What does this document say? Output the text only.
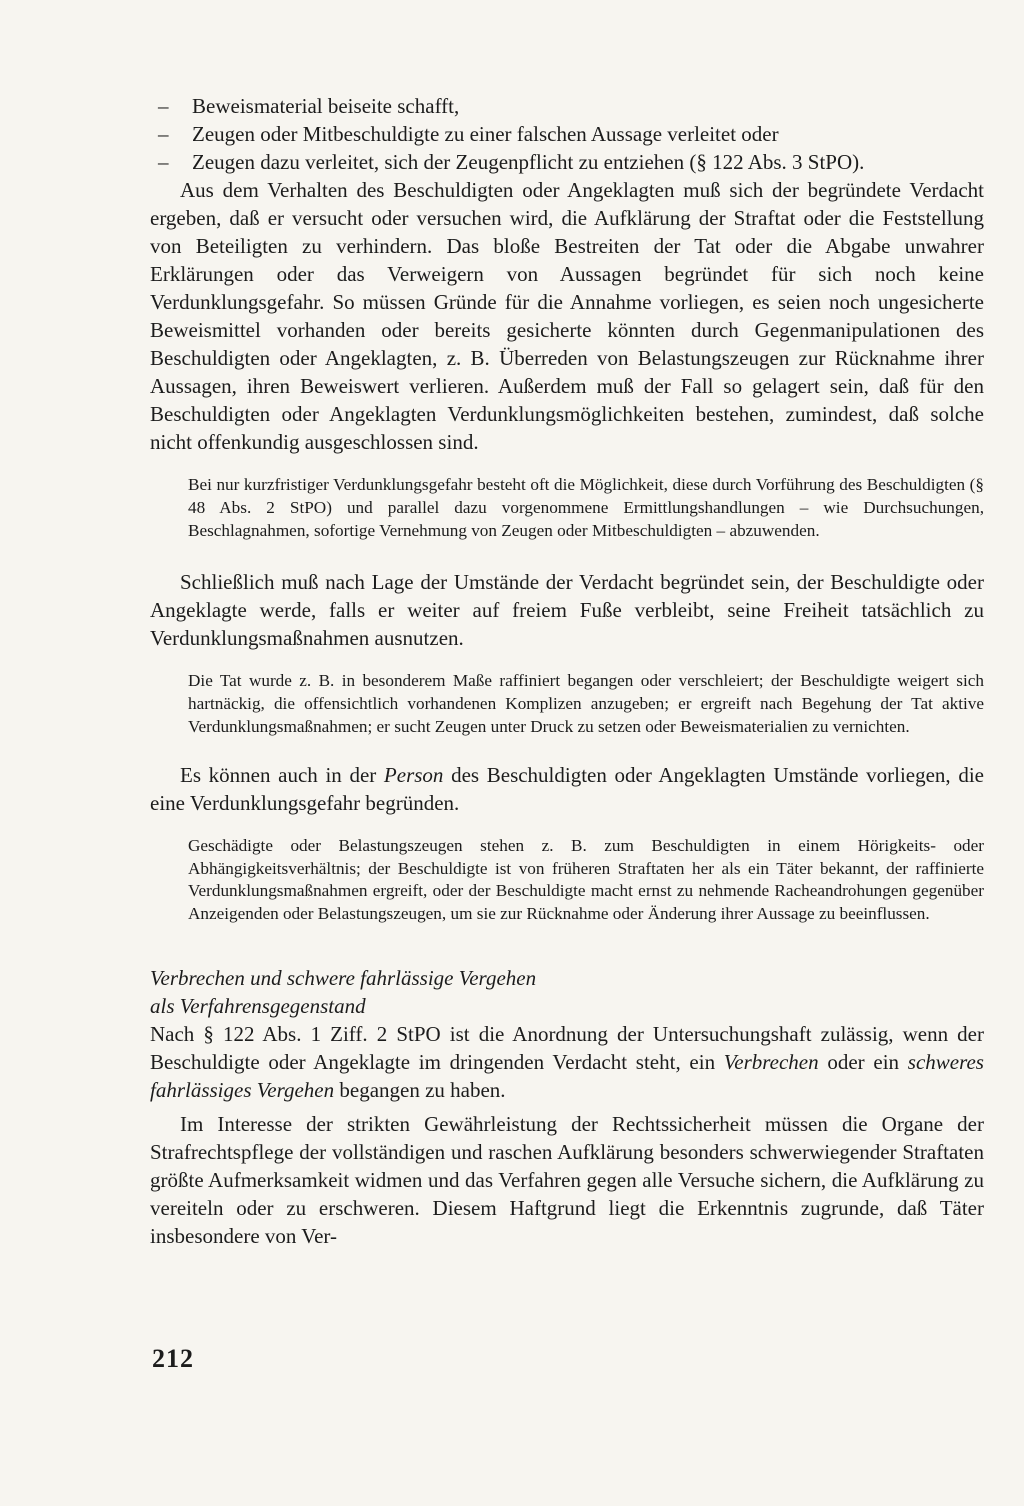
– Beweismaterial beiseite schafft,
– Zeugen oder Mitbeschuldigte zu einer falschen Aussage verleitet oder
– Zeugen dazu verleitet, sich der Zeugenpflicht zu entziehen (§ 122 Abs. 3 StPO).

Aus dem Verhalten des Beschuldigten oder Angeklagten muß sich der begründete Verdacht ergeben, daß er versucht oder versuchen wird, die Aufklärung der Straftat oder die Feststellung von Beteiligten zu verhindern. Das bloße Bestreiten der Tat oder die Abgabe unwahrer Erklärungen oder das Verweigern von Aussagen begründet für sich noch keine Verdunklungsgefahr. So müssen Gründe für die Annahme vorliegen, es seien noch ungesicherte Beweismittel vorhanden oder bereits gesicherte könnten durch Gegenmanipulationen des Beschuldigten oder Angeklagten, z. B. Überreden von Belastungszeugen zur Rücknahme ihrer Aussagen, ihren Beweiswert verlieren. Außerdem muß der Fall so gelagert sein, daß für den Beschuldigten oder Angeklagten Verdunklungsmöglichkeiten bestehen, zumindest, daß solche nicht offenkundig ausgeschlossen sind.

Bei nur kurzfristiger Verdunklungsgefahr besteht oft die Möglichkeit, diese durch Vorführung des Beschuldigten (§ 48 Abs. 2 StPO) und parallel dazu vorgenommene Ermittlungshandlungen – wie Durchsuchungen, Beschlagnahmen, sofortige Vernehmung von Zeugen oder Mitbeschuldigten – abzuwenden.

Schließlich muß nach Lage der Umstände der Verdacht begründet sein, der Beschuldigte oder Angeklagte werde, falls er weiter auf freiem Fuße verbleibt, seine Freiheit tatsächlich zu Verdunklungsmaßnahmen ausnutzen.

Die Tat wurde z. B. in besonderem Maße raffiniert begangen oder verschleiert; der Beschuldigte weigert sich hartnäckig, die offensichtlich vorhandenen Komplizen anzugeben; er ergreift nach Begehung der Tat aktive Verdunklungsmaßnahmen; er sucht Zeugen unter Druck zu setzen oder Beweismaterialien zu vernichten.

Es können auch in der Person des Beschuldigten oder Angeklagten Umstände vorliegen, die eine Verdunklungsgefahr begründen.

Geschädigte oder Belastungszeugen stehen z. B. zum Beschuldigten in einem Hörigkeits- oder Abhängigkeitsverhältnis; der Beschuldigte ist von früheren Straftaten her als ein Täter bekannt, der raffinierte Verdunklungsmaßnahmen ergreift, oder der Beschuldigte macht ernst zu nehmende Racheandrohungen gegenüber Anzeigenden oder Belastungszeugen, um sie zur Rücknahme oder Änderung ihrer Aussage zu beeinflussen.

Verbrechen und schwere fahrlässige Vergehen
als Verfahrensgegenstand

Nach § 122 Abs. 1 Ziff. 2 StPO ist die Anordnung der Untersuchungshaft zulässig, wenn der Beschuldigte oder Angeklagte im dringenden Verdacht steht, ein Verbrechen oder ein schweres fahrlässiges Vergehen begangen zu haben.

Im Interesse der strikten Gewährleistung der Rechtssicherheit müssen die Organe der Strafrechtspflege der vollständigen und raschen Aufklärung besonders schwerwiegender Straftaten größte Aufmerksamkeit widmen und das Verfahren gegen alle Versuche sichern, die Aufklärung zu vereiteln oder zu erschweren. Diesem Haftgrund liegt die Erkenntnis zugrunde, daß Täter insbesondere von Ver-

212
